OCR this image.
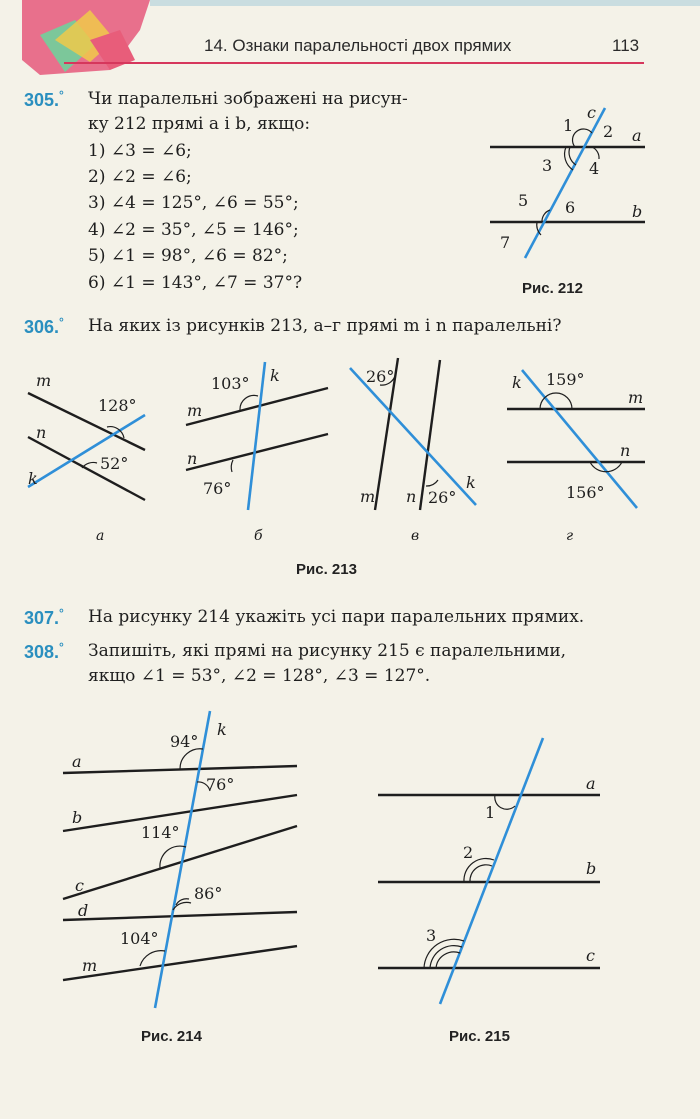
14. Ознаки паралельності двох прямих	113
305.° Чи паралельні зображені на рисун-
ку 212 прямі a і b, якщо:
1) ∠3 = ∠6;
2) ∠2 = ∠6;
3) ∠4 = 125°, ∠6 = 55°;
4) ∠2 = 35°, ∠5 = 146°;
5) ∠1 = 98°, ∠6 = 82°;
6) ∠1 = 143°, ∠7 = 37°?
1 2
3 4
5 6
7
a
b
c
Рис. 212
306.° На яких із рисунків 213, а–г прямі m і n паралельні?
m
n
k
128°
52°
а
m
n
k
103°
76°
б
26°
26°
m n
k
в
k 159°
m
n
156°
г
Рис. 213
307.° На рисунку 214 укажіть усі пари паралельних прямих.
308.° Запишіть, які прямі на рисунку 215 є паралельними,
якщо ∠1 = 53°, ∠2 = 128°, ∠3 = 127°.
a
b
c
d
m
k
94°
76°
114°
86°
104°
Рис. 214
a
b
c
1
2
3
Рис. 215
